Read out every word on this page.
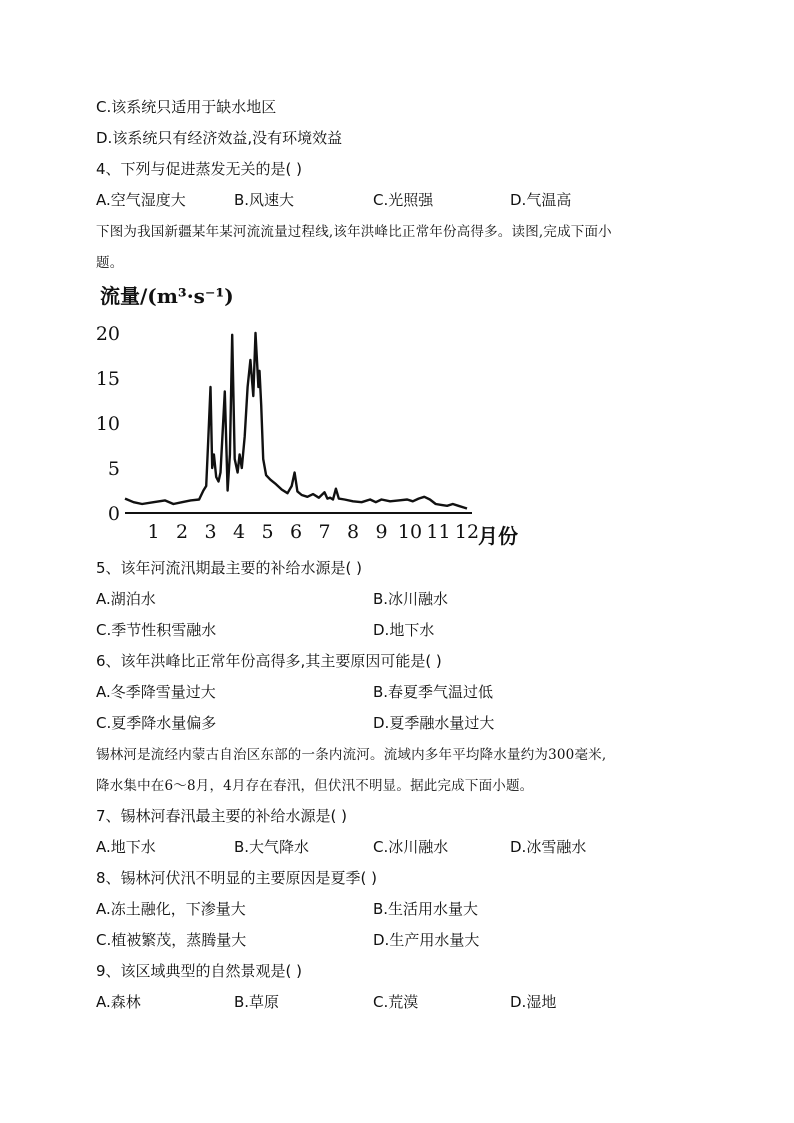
C.该系统只适用于缺水地区
D.该系统只有经济效益,没有环境效益
4、下列与促进蒸发无关的是( )
A.空气湿度大	B.风速大	C.光照强	D.气温高
下图为我国新疆某年某河流流量过程线,该年洪峰比正常年份高得多。读图,完成下面小
题。
流量/(m³·s⁻¹)
0
5
10
15
20
1 2 3 4 5 6 7 8 9 10 11 12
月份
5、该年河流汛期最主要的补给水源是( )
A.湖泊水	B.冰川融水
C.季节性积雪融水	D.地下水
6、该年洪峰比正常年份高得多,其主要原因可能是( )
A.冬季降雪量过大	B.春夏季气温过低
C.夏季降水量偏多	D.夏季融水量过大
锡林河是流经内蒙古自治区东部的一条内流河。流域内多年平均降水量约为300毫米,
降水集中在6～8月，4月存在春汛，但伏汛不明显。据此完成下面小题。
7、锡林河春汛最主要的补给水源是( )
A.地下水	B.大气降水	C.冰川融水	D.冰雪融水
8、锡林河伏汛不明显的主要原因是夏季( )
A.冻土融化，下渗量大	B.生活用水量大
C.植被繁茂，蒸腾量大	D.生产用水量大
9、该区域典型的自然景观是( )
A.森林	B.草原	C.荒漠	D.湿地
